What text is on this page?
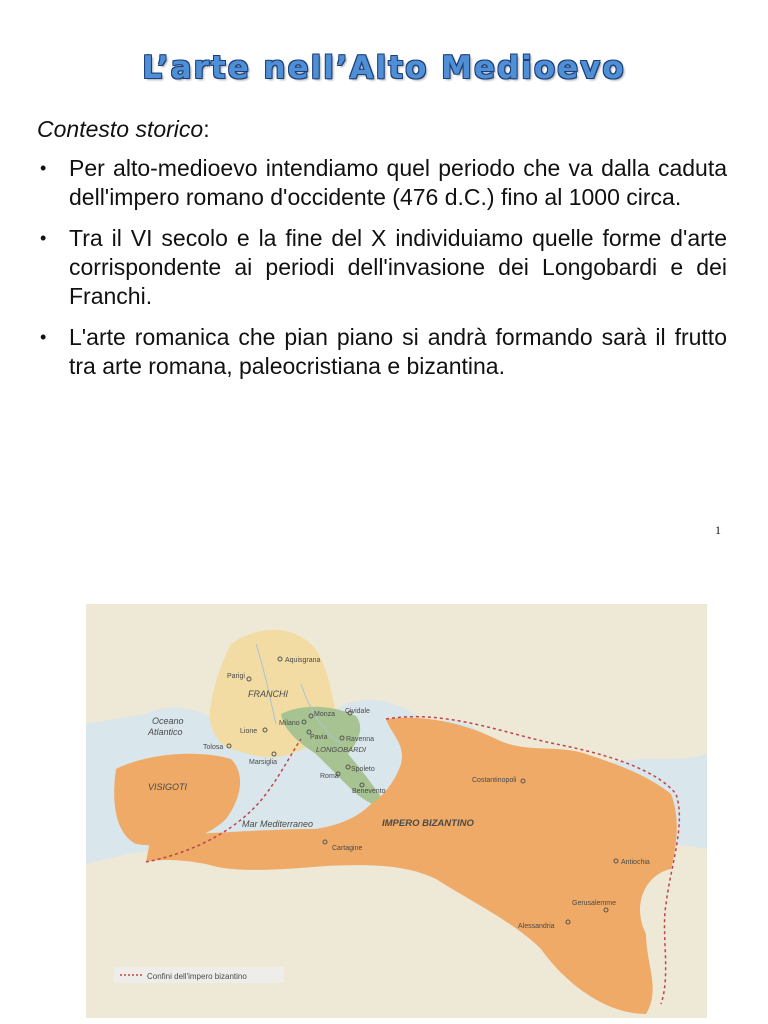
L’arte nell’Alto Medioevo
Contesto storico:
• Per alto-medioevo intendiamo quel periodo che va dalla caduta dell'impero romano d'occidente (476 d.C.) fino al 1000 circa.
• Tra il VI secolo e la fine del X individuiamo quelle forme d'arte corrispondente ai periodi dell'invasione dei Longobardi e dei Franchi.
• L'arte romanica che pian piano si andrà formando sarà il frutto tra arte romana, paleocristiana e bizantina.
1
FRANCHI
VISIGOTI
LONGOBARDI
IMPERO BIZANTINO
Oceano
Atlantico
Mar Mediterraneo
Aquisgrana
Parigi
Tolosa
Lione
Marsiglia
Milano
Monza Cividale
Pavia	Ravenna
Roma
Spoleto
Benevento
Cartagine
Costantinopoli
Antiochia
Gerusalemme
Alessandria
Confini dell'impero bizantino
